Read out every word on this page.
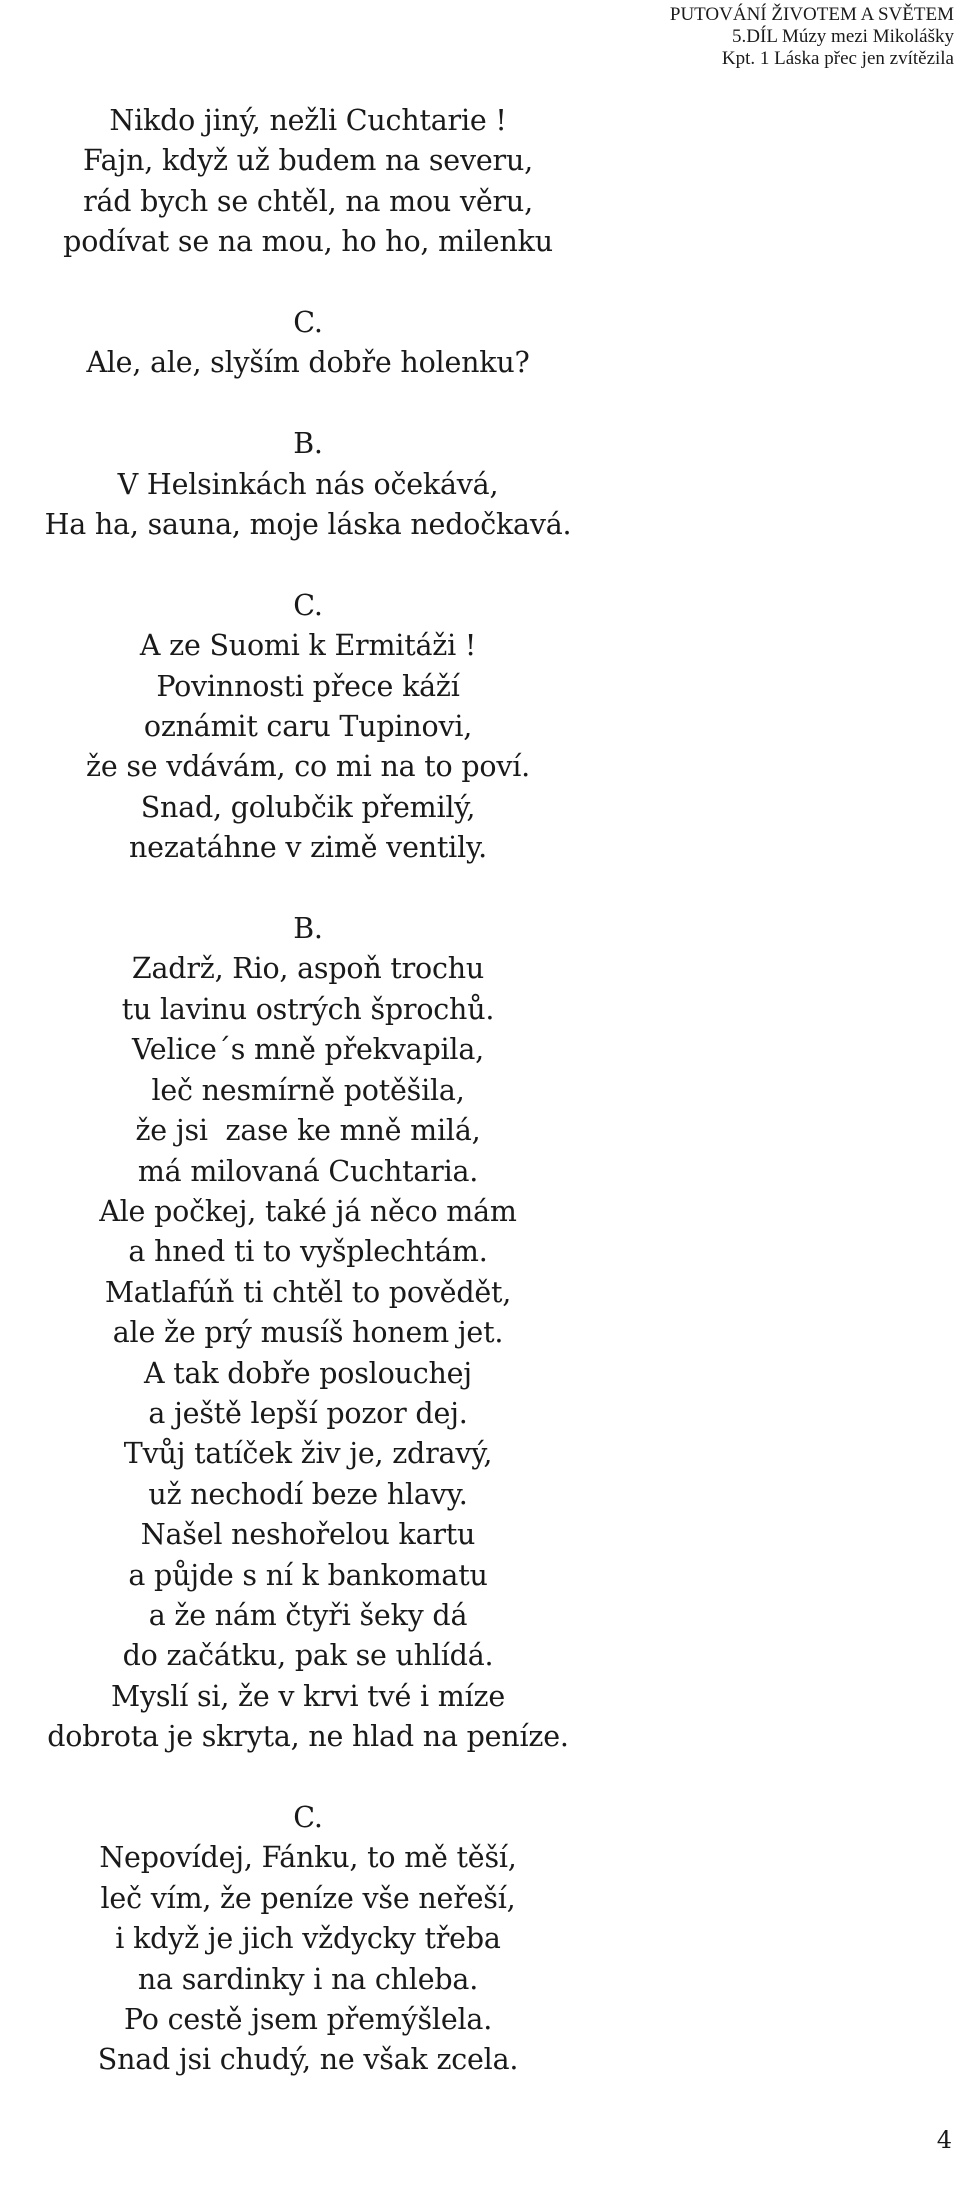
PUTOVÁNÍ ŽIVOTEM A SVĚTEM
5.DÍL Múzy mezi Mikolášky
Kpt. 1 Láska přec jen zvítězila
Nikdo jiný, nežli Cuchtarie !
Fajn, když už budem na severu,
rád bych se chtěl, na mou věru,
podívat se na mou, ho ho, milenku
C.
Ale, ale, slyším dobře holenku?
B.
V Helsinkách nás očekává,
Ha ha, sauna, moje láska nedočkavá.
C.
A ze Suomi k Ermitáži !
Povinnosti přece káží
oznámit caru Tupinovi,
že se vdávám, co mi na to poví.
Snad, golubčik přemilý,
nezatáhne v zimě ventily.
B.
Zadrž, Rio, aspoň trochu
tu lavinu ostrých šprochů.
Velice´s mně překvapila,
leč nesmírně potěšila,
že jsi  zase ke mně milá,
má milovaná Cuchtaria.
Ale počkej, také já něco mám
a hned ti to vyšplechtám.
Matlafúň ti chtěl to povědět,
ale že prý musíš honem jet.
A tak dobře poslouchej
a ještě lepší pozor dej.
Tvůj tatíček živ je, zdravý,
už nechodí beze hlavy.
Našel neshořelou kartu
a půjde s ní k bankomatu
a že nám čtyři šeky dá
do začátku, pak se uhlídá.
Myslí si, že v krvi tvé i míze
dobrota je skryta, ne hlad na peníze.
C.
Nepovídej, Fánku, to mě těší,
leč vím, že peníze vše neřeší,
i když je jich vždycky třeba
na sardinky i na chleba.
Po cestě jsem přemýšlela.
Snad jsi chudý, ne však zcela.
4
